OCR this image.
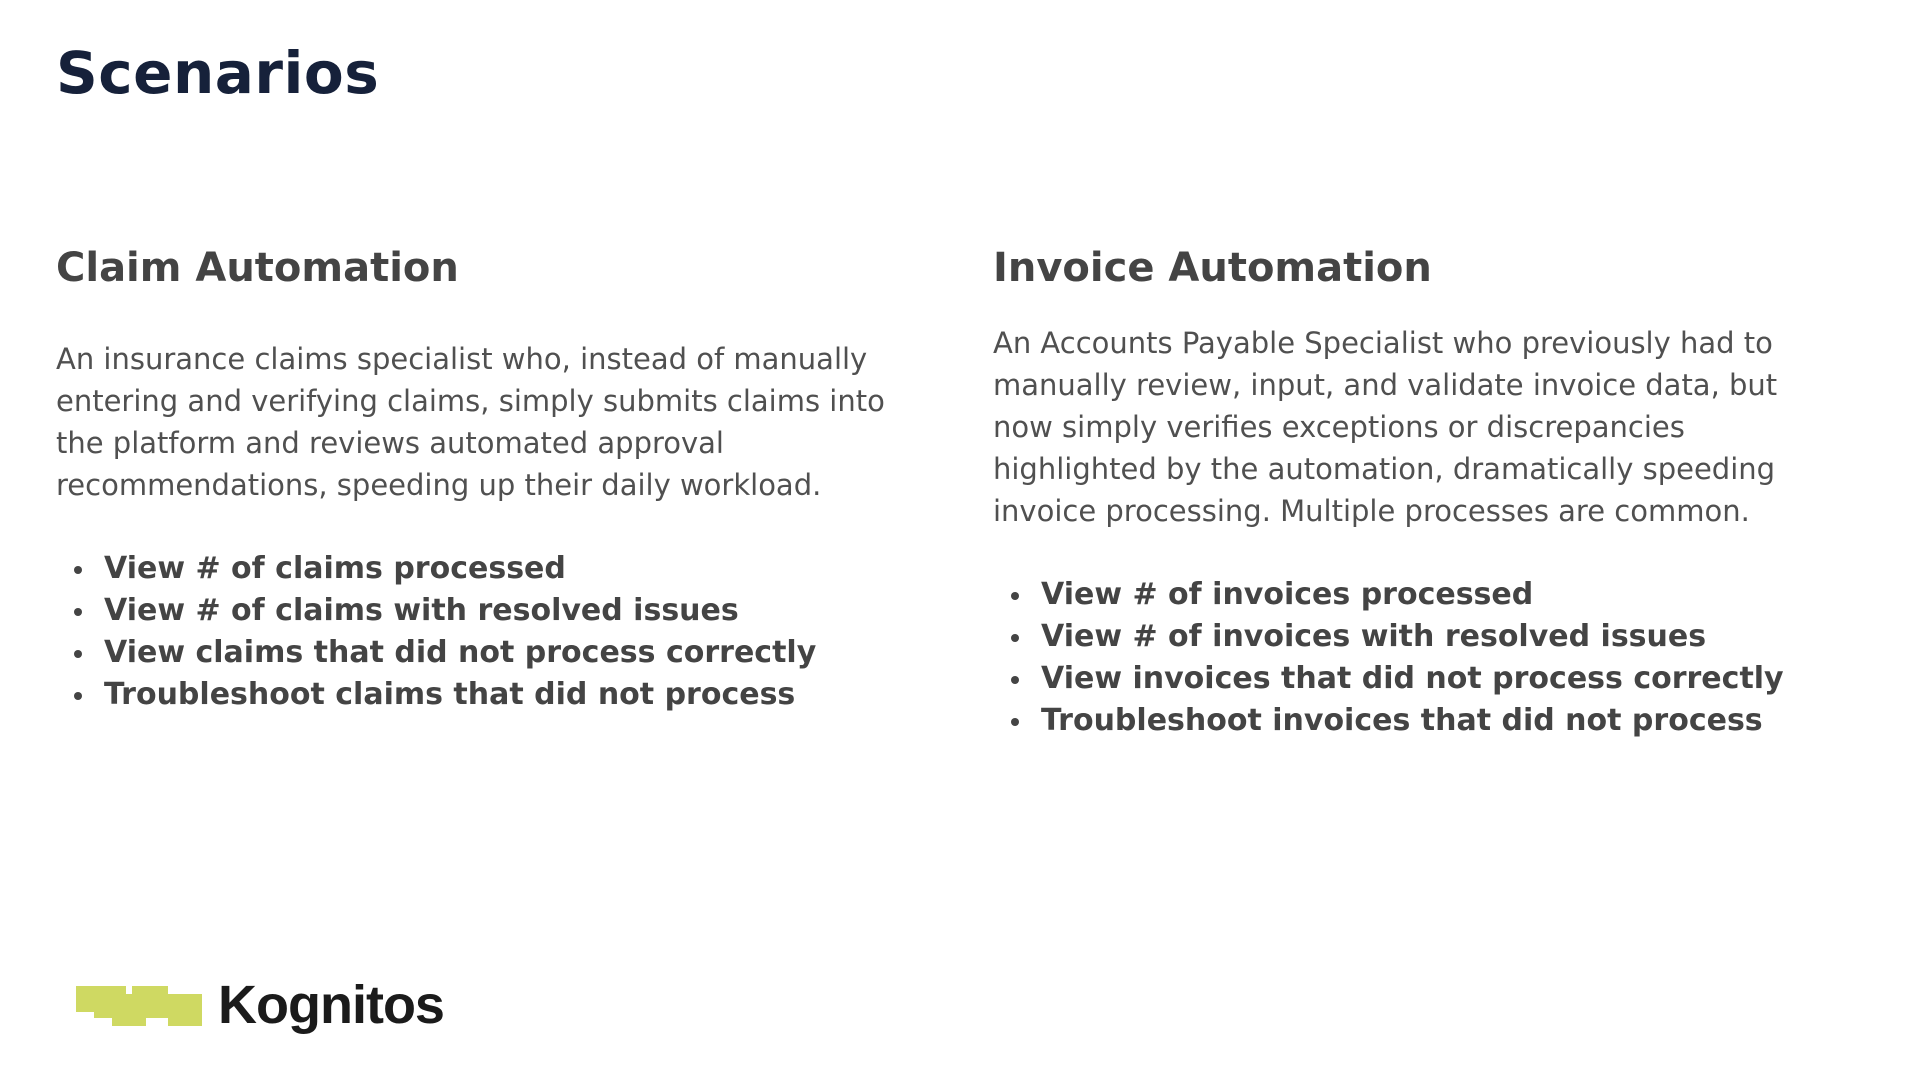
Scenarios
Claim Automation

An insurance claims specialist who, instead of manually entering and verifying claims, simply submits claims into the platform and reviews automated approval recommendations, speeding up their daily workload.

View # of claims processed
View # of claims with resolved issues
View claims that did not process correctly
Troubleshoot claims that did not process
Invoice Automation

An Accounts Payable Specialist who previously had to manually review, input, and validate invoice data, but now simply verifies exceptions or discrepancies highlighted by the automation, dramatically speeding invoice processing. Multiple processes are common.

View # of invoices processed
View # of invoices with resolved issues
View invoices that did not process correctly
Troubleshoot invoices that did not process
Kognitos
